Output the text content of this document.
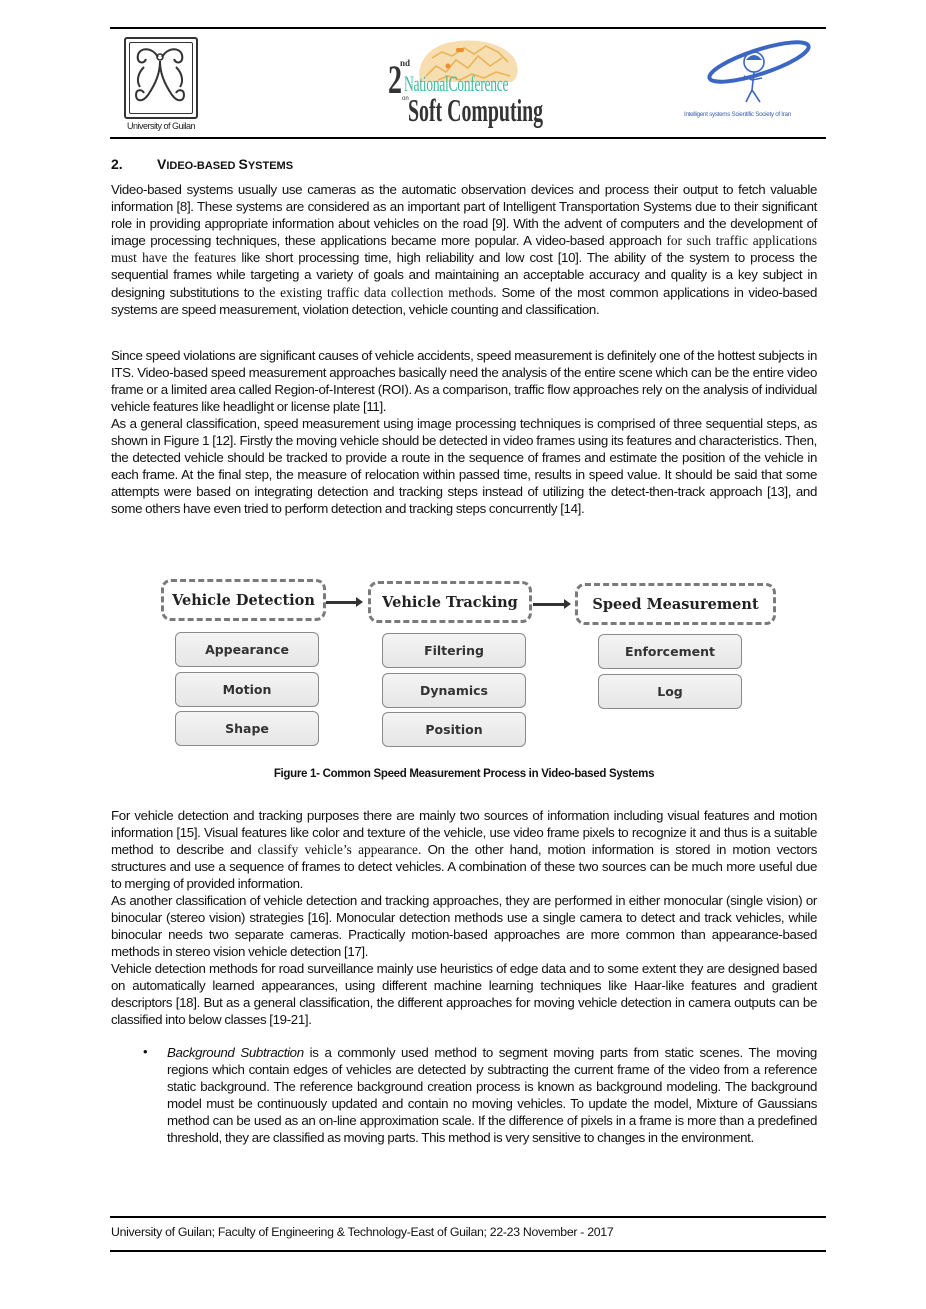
University of Guilan
2
nd
NationalConference
on Soft Computing	Intelligent systems Scientific Society of Iran
2. VIDEO-BASED SYSTEMS
Video-based systems usually use cameras as the automatic observation devices and process their output to fetch valuable information [8]. These systems are considered as an important part of Intelligent Transportation Systems due to their significant role in providing appropriate information about vehicles on the road [9]. With the advent of computers and the development of image processing techniques, these applications became more popular. A video-based approach for such traffic applications must have the features like short processing time, high reliability and low cost [10]. The ability of the system to process the sequential frames while targeting a variety of goals and maintaining an acceptable accuracy and quality is a key subject in designing substitutions to the existing traffic data collection methods. Some of the most common applications in video-based systems are speed measurement, violation detection, vehicle counting and classification.
Since speed violations are significant causes of vehicle accidents, speed measurement is definitely one of the hottest subjects in ITS. Video-based speed measurement approaches basically need the analysis of the entire scene which can be the entire video frame or a limited area called Region-of-Interest (ROI). As a comparison, traffic flow approaches rely on the analysis of individual vehicle features like headlight or license plate [11].
As a general classification, speed measurement using image processing techniques is comprised of three sequential steps, as shown in Figure 1 [12]. Firstly the moving vehicle should be detected in video frames using its features and characteristics. Then, the detected vehicle should be tracked to provide a route in the sequence of frames and estimate the position of the vehicle in each frame. At the final step, the measure of relocation within passed time, results in speed value. It should be said that some attempts were based on integrating detection and tracking steps instead of utilizing the detect-then-track approach [13], and some others have even tried to perform detection and tracking steps concurrently [14].
Vehicle Detection	Vehicle Tracking	Speed Measurement
Appearance
Motion
Shape
Filtering
Dynamics
Position
Enforcement
Log
Figure 1- Common Speed Measurement Process in Video-based Systems
For vehicle detection and tracking purposes there are mainly two sources of information including visual features and motion information [15]. Visual features like color and texture of the vehicle, use video frame pixels to recognize it and thus is a suitable method to describe and classify vehicle’s appearance. On the other hand, motion information is stored in motion vectors structures and use a sequence of frames to detect vehicles. A combination of these two sources can be much more useful due to merging of provided information.
As another classification of vehicle detection and tracking approaches, they are performed in either monocular (single vision) or binocular (stereo vision) strategies [16]. Monocular detection methods use a single camera to detect and track vehicles, while binocular needs two separate cameras. Practically motion-based approaches are more common than appearance-based methods in stereo vision vehicle detection [17].
Vehicle detection methods for road surveillance mainly use heuristics of edge data and to some extent they are designed based on automatically learned appearances, using different machine learning techniques like Haar-like features and gradient descriptors [18]. But as a general classification, the different approaches for moving vehicle detection in camera outputs can be classified into below classes [19-21].
• Background Subtraction is a commonly used method to segment moving parts from static scenes. The moving regions which contain edges of vehicles are detected by subtracting the current frame of the video from a reference static background. The reference background creation process is known as background modeling. The background model must be continuously updated and contain no moving vehicles. To update the model, Mixture of Gaussians method can be used as an on-line approximation scale. If the difference of pixels in a frame is more than a predefined threshold, they are classified as moving parts. This method is very sensitive to changes in the environment.
University of Guilan; Faculty of Engineering & Technology-East of Guilan; 22-23 November - 2017
